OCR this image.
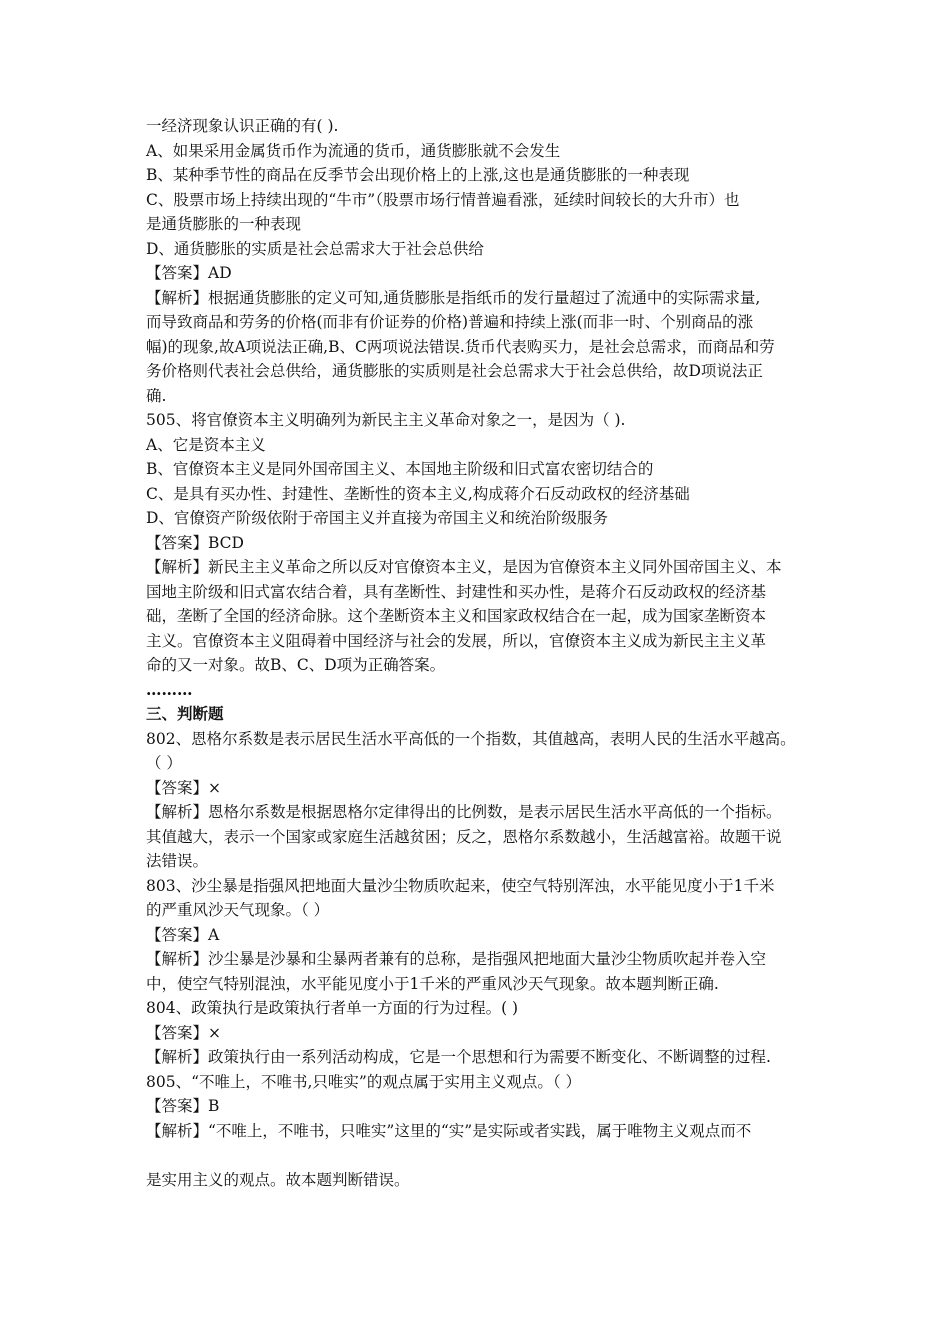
一经济现象认识正确的有( ).
A、如果采用金属货币作为流通的货币，通货膨胀就不会发生
B、某种季节性的商品在反季节会出现价格上的上涨,这也是通货膨胀的一种表现
C、股票市场上持续出现的“牛市”（股票市场行情普遍看涨，延续时间较长的大升市）也
是通货膨胀的一种表现
D、通货膨胀的实质是社会总需求大于社会总供给
【答案】AD
【解析】根据通货膨胀的定义可知,通货膨胀是指纸币的发行量超过了流通中的实际需求量,
而导致商品和劳务的价格(而非有价证券的价格)普遍和持续上涨(而非一时、个别商品的涨
幅)的现象,故A项说法正确,B、C两项说法错误.货币代表购买力，是社会总需求，而商品和劳
务价格则代表社会总供给，通货膨胀的实质则是社会总需求大于社会总供给，故D项说法正
确.
505、将官僚资本主义明确列为新民主主义革命对象之一，是因为（ ).
A、它是资本主义
B、官僚资本主义是同外国帝国主义、本国地主阶级和旧式富农密切结合的
C、是具有买办性、封建性、垄断性的资本主义,构成蒋介石反动政权的经济基础
D、官僚资产阶级依附于帝国主义并直接为帝国主义和统治阶级服务
【答案】BCD
【解析】新民主主义革命之所以反对官僚资本主义，是因为官僚资本主义同外国帝国主义、本
国地主阶级和旧式富农结合着，具有垄断性、封建性和买办性，是蒋介石反动政权的经济基
础，垄断了全国的经济命脉。这个垄断资本主义和国家政权结合在一起，成为国家垄断资本
主义。官僚资本主义阻碍着中国经济与社会的发展，所以，官僚资本主义成为新民主主义革
命的又一对象。故B、C、D项为正确答案。
………
三、判断题
802、恩格尔系数是表示居民生活水平高低的一个指数，其值越高，表明人民的生活水平越高。
（ ）
【答案】×
【解析】恩格尔系数是根据恩格尔定律得出的比例数，是表示居民生活水平高低的一个指标。
其值越大，表示一个国家或家庭生活越贫困；反之，恩格尔系数越小，生活越富裕。故题干说
法错误。
803、沙尘暴是指强风把地面大量沙尘物质吹起来，使空气特别浑浊，水平能见度小于1千米
的严重风沙天气现象。（ ）
【答案】A
【解析】沙尘暴是沙暴和尘暴两者兼有的总称，是指强风把地面大量沙尘物质吹起并卷入空
中，使空气特别混浊，水平能见度小于1千米的严重风沙天气现象。故本题判断正确.
804、政策执行是政策执行者单一方面的行为过程。( )
【答案】×
【解析】政策执行由一系列活动构成，它是一个思想和行为需要不断变化、不断调整的过程.
805、“不唯上，不唯书,只唯实”的观点属于实用主义观点。（ ）
【答案】B
【解析】“不唯上，不唯书，只唯实”这里的“实”是实际或者实践，属于唯物主义观点而不
是实用主义的观点。故本题判断错误。
